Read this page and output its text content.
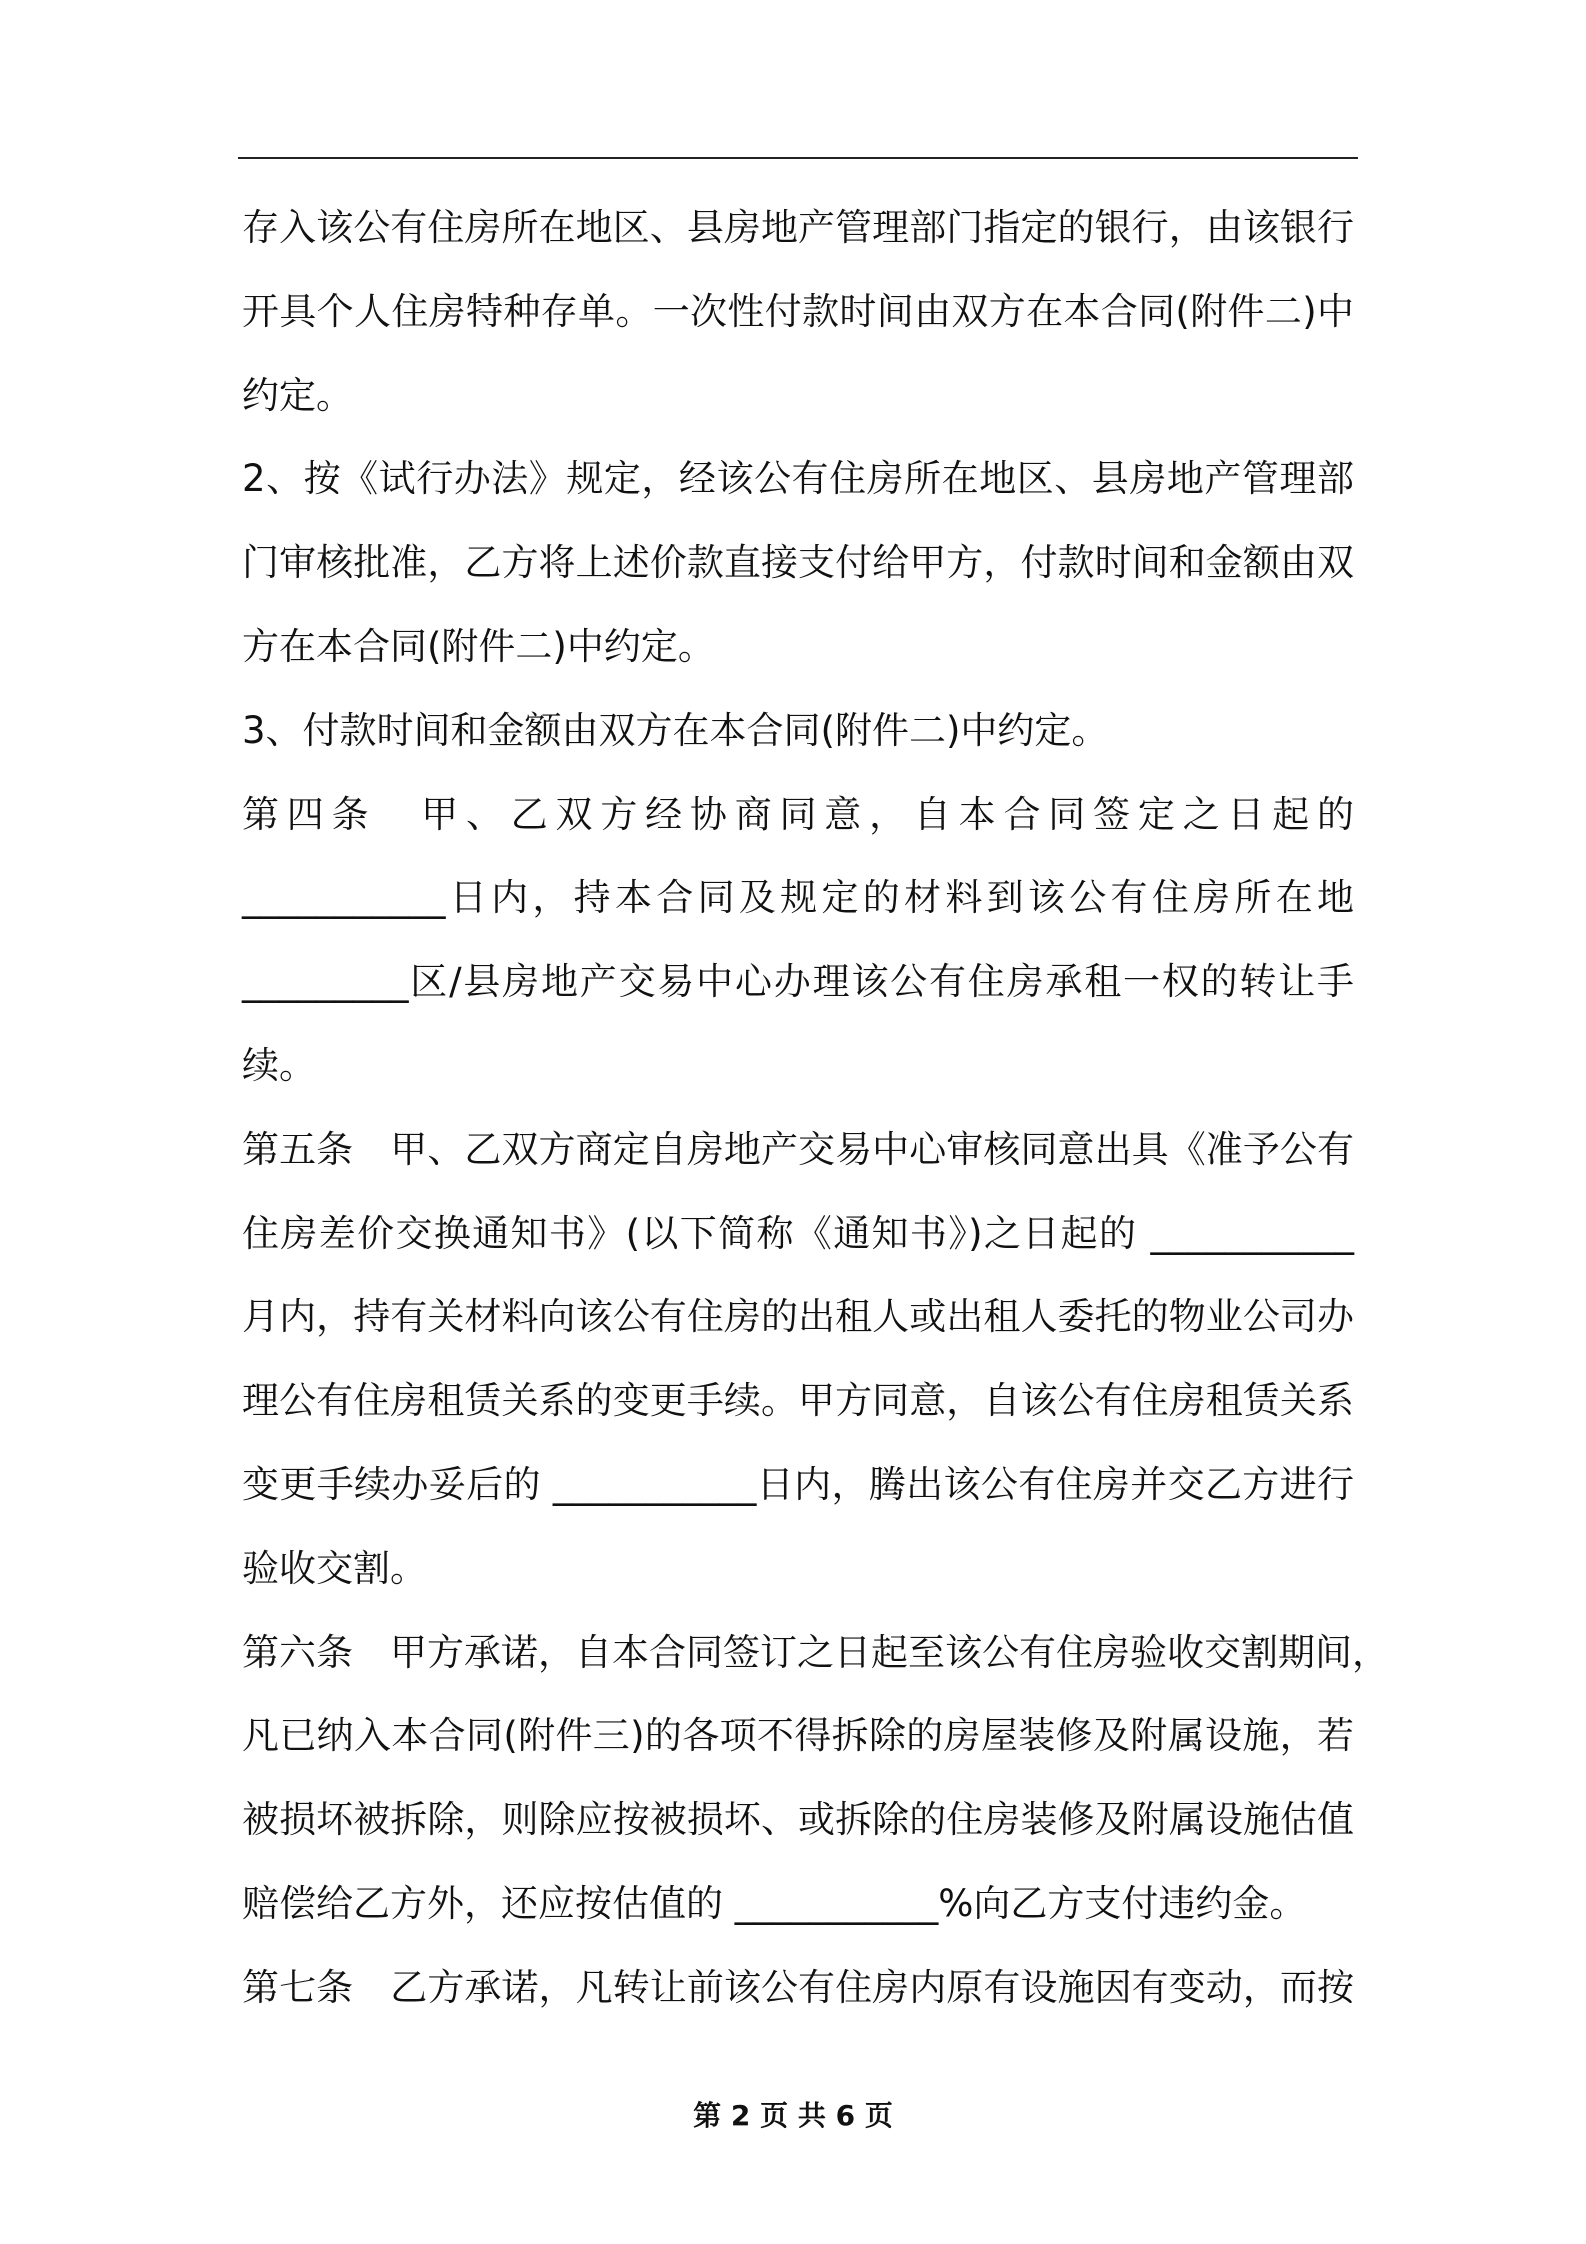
存入该公有住房所在地区、县房地产管理部门指定的银行，由该银行
开具个人住房特种存单。一次性付款时间由双方在本合同(附件二)中
约定。
2、按《试行办法》规定，经该公有住房所在地区、县房地产管理部
门审核批准，乙方将上述价款直接支付给甲方，付款时间和金额由双
方在本合同(附件二)中约定。
3、付款时间和金额由双方在本合同(附件二)中约定。
第四条　甲、乙双方经协商同意，自本合同签定之日起的
___________日内，持本合同及规定的材料到该公有住房所在地
_________区/县房地产交易中心办理该公有住房承租一权的转让手
续。
第五条　甲、乙双方商定自房地产交易中心审核同意出具《准予公有
住房差价交换通知书》(以下简称《通知书》)之日起的 ___________
月内，持有关材料向该公有住房的出租人或出租人委托的物业公司办
理公有住房租赁关系的变更手续。甲方同意，自该公有住房租赁关系
变更手续办妥后的 ___________日内，腾出该公有住房并交乙方进行
验收交割。
第六条　甲方承诺，自本合同签订之日起至该公有住房验收交割期间，
凡已纳入本合同(附件三)的各项不得拆除的房屋装修及附属设施，若
被损坏被拆除，则除应按被损坏、或拆除的住房装修及附属设施估值
赔偿给乙方外，还应按估值的 ___________%向乙方支付违约金。
第七条　乙方承诺，凡转让前该公有住房内原有设施因有变动，而按
第 2 页 共 6 页
